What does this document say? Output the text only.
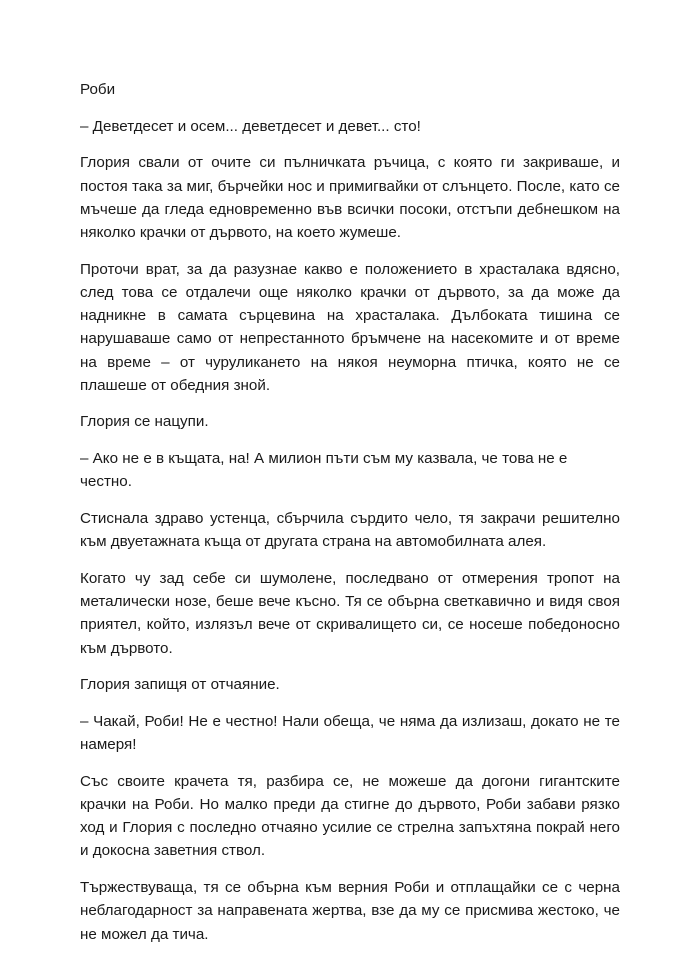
Роби

– Деветдесет и осем... деветдесет и девет... сто!

Глория свали от очите си пълничката ръчица, с която ги закриваше, и постоя така за миг, бърчейки нос и примигвайки от слънцето. После, като се мъчеше да гледа едновременно във всички посоки, отстъпи дебнешком на няколко крачки от дървото, на което жумеше.

Проточи врат, за да разузнае какво е положението в храсталака вдясно, след това се отдалечи още няколко крачки от дървото, за да може да надникне в самата сърцевина на храсталака. Дълбоката тишина се нарушаваше само от непрестанното бръмчене на насекомите и от време на време – от чуруликането на някоя неуморна птичка, която не се плашеше от обедния зной.

Глория се нацупи.

– Ако не е в къщата, на! А милион пъти съм му казвала, че това не е честно.

Стиснала здраво устенца, сбърчила сърдито чело, тя закрачи решително към двуетажната къща от другата страна на автомобилната алея.

Когато чу зад себе си шумолене, последвано от отмерения тропот на металически нозе, беше вече късно. Тя се обърна светкавично и видя своя приятел, който, излязъл вече от скривалището си, се носеше победоносно към дървото.

Глория запищя от отчаяние.

– Чакай, Роби! Не е честно! Нали обеща, че няма да излизаш, докато не те намеря!

Със своите крачета тя, разбира се, не можеше да догони гигантските крачки на Роби. Но малко преди да стигне до дървото, Роби забави рязко ход и Глория с последно отчаяно усилие се стрелна запъхтяна покрай него и докосна заветния ствол.

Тържествуваща, тя се обърна към верния Роби и отплащайки се с черна неблагодарност за направената жертва, взе да му се присмива жестоко, че не можел да тича.
